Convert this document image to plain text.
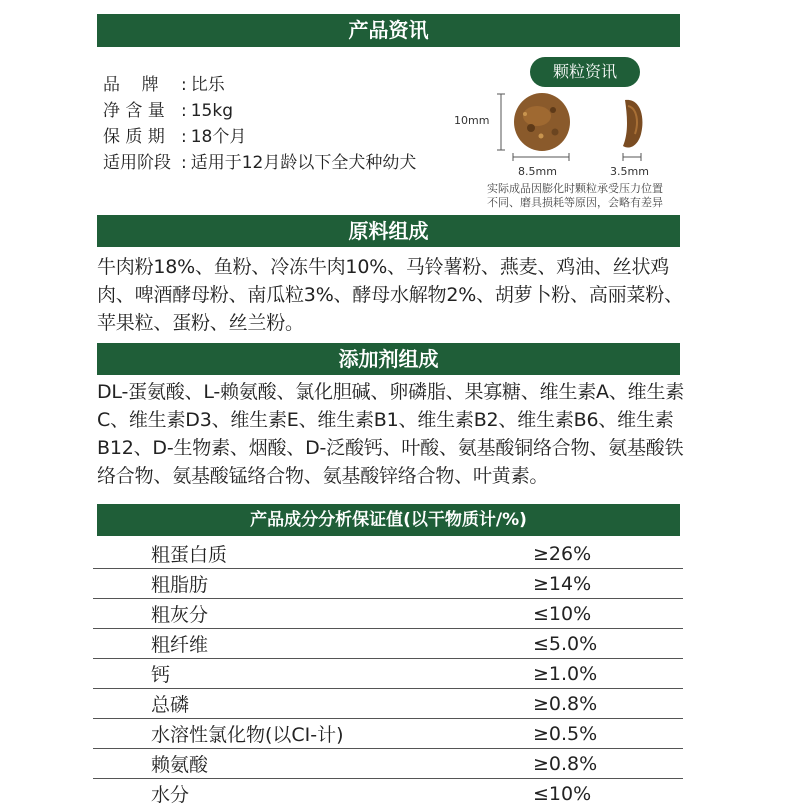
产品资讯
品    牌 : 比乐
净 含 量 : 15kg
保 质 期 : 18个月
适用阶段 : 适用于12月龄以下全犬种幼犬
颗粒资讯
10mm
8.5mm	3.5mm
实际成品因膨化时颗粒承受压力位置
不同、磨具损耗等原因，会略有差异
原料组成
牛肉粉18%、鱼粉、冷冻牛肉10%、马铃薯粉、燕麦、鸡油、丝状鸡肉、啤酒酵母粉、南瓜粒3%、酵母水解物2%、胡萝卜粉、高丽菜粉、苹果粒、蛋粉、丝兰粉。
添加剂组成
DL-蛋氨酸、L-赖氨酸、氯化胆碱、卵磷脂、果寡糖、维生素A、维生素C、维生素D3、维生素E、维生素B1、维生素B2、维生素B6、维生素B12、D-生物素、烟酸、D-泛酸钙、叶酸、氨基酸铜络合物、氨基酸铁络合物、氨基酸锰络合物、氨基酸锌络合物、叶黄素。
产品成分分析保证值(以干物质计/%)
粗蛋白质	≥26%
粗脂肪	≥14%
粗灰分	≤10%
粗纤维	≤5.0%
钙	≥1.0%
总磷	≥0.8%
水溶性氯化物(以CI-计)	≥0.5%
赖氨酸	≥0.8%
水分	≤10%
